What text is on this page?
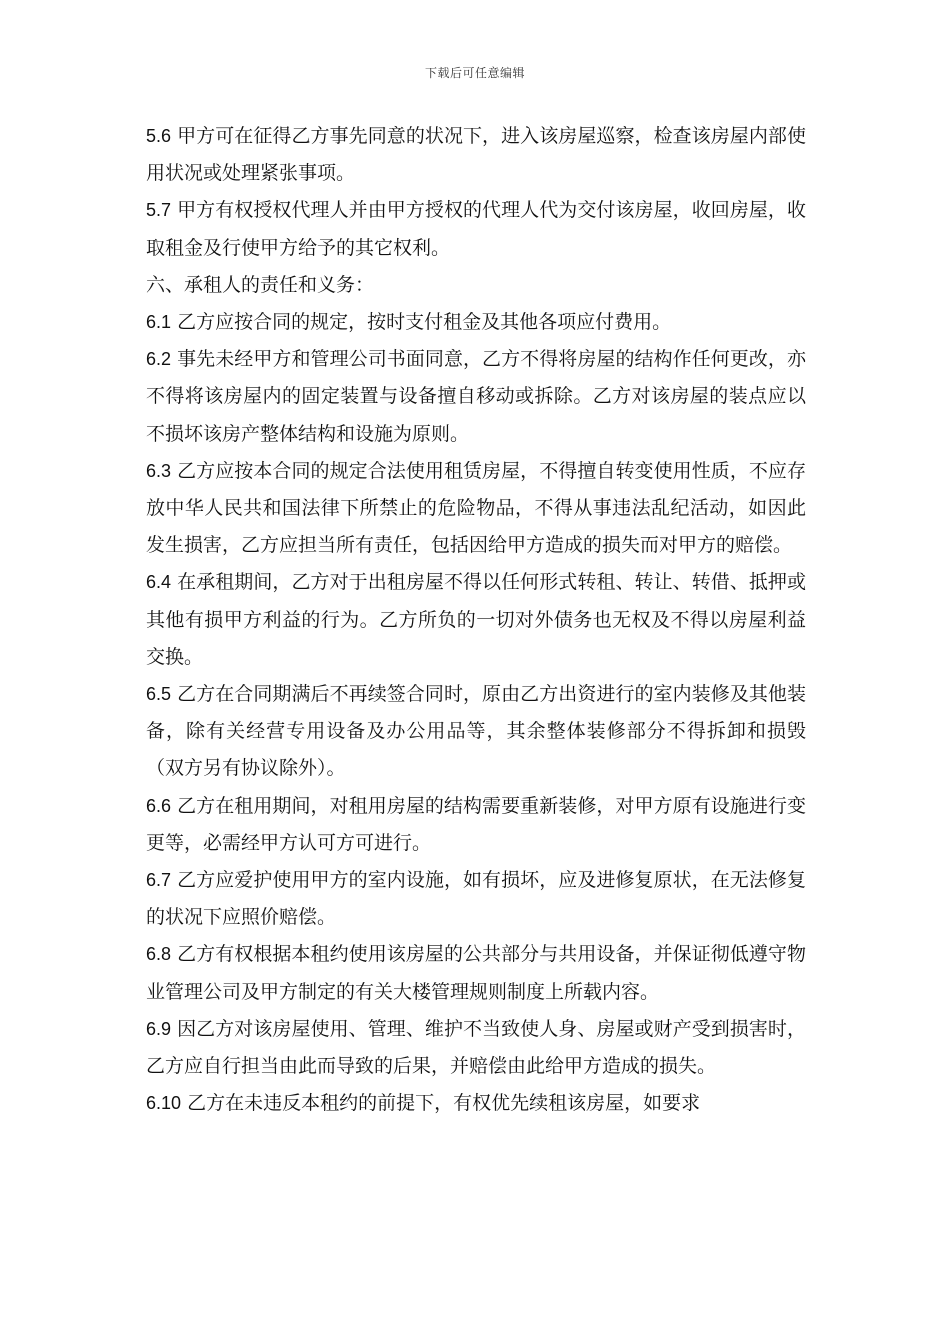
下载后可任意编辑

5.6 甲方可在征得乙方事先同意的状况下，进入该房屋巡察，检查该房屋内部使用状况或处理紧张事项。

5.7 甲方有权授权代理人并由甲方授权的代理人代为交付该房屋，收回房屋，收取租金及行使甲方给予的其它权利。

六、承租人的责任和义务：

6.1 乙方应按合同的规定，按时支付租金及其他各项应付费用。

6.2 事先未经甲方和管理公司书面同意，乙方不得将房屋的结构作任何更改，亦不得将该房屋内的固定装置与设备擅自移动或拆除。乙方对该房屋的装点应以不损坏该房产整体结构和设施为原则。

6.3 乙方应按本合同的规定合法使用租赁房屋，不得擅自转变使用性质，不应存放中华人民共和国法律下所禁止的危险物品，不得从事违法乱纪活动，如因此发生损害，乙方应担当所有责任，包括因给甲方造成的损失而对甲方的赔偿。

6.4 在承租期间，乙方对于出租房屋不得以任何形式转租、转让、转借、抵押或其他有损甲方利益的行为。乙方所负的一切对外债务也无权及不得以房屋利益交换。

6.5 乙方在合同期满后不再续签合同时，原由乙方出资进行的室内装修及其他装备，除有关经营专用设备及办公用品等，其余整体装修部分不得拆卸和损毁（双方另有协议除外）。

6.6 乙方在租用期间，对租用房屋的结构需要重新装修，对甲方原有设施进行变更等，必需经甲方认可方可进行。

6.7 乙方应爱护使用甲方的室内设施，如有损坏，应及进修复原状，在无法修复的状况下应照价赔偿。

6.8 乙方有权根据本租约使用该房屋的公共部分与共用设备，并保证彻低遵守物业管理公司及甲方制定的有关大楼管理规则制度上所载内容。

6.9 因乙方对该房屋使用、管理、维护不当致使人身、房屋或财产受到损害时，乙方应自行担当由此而导致的后果，并赔偿由此给甲方造成的损失。

6.10 乙方在未违反本租约的前提下，有权优先续租该房屋，如要求
